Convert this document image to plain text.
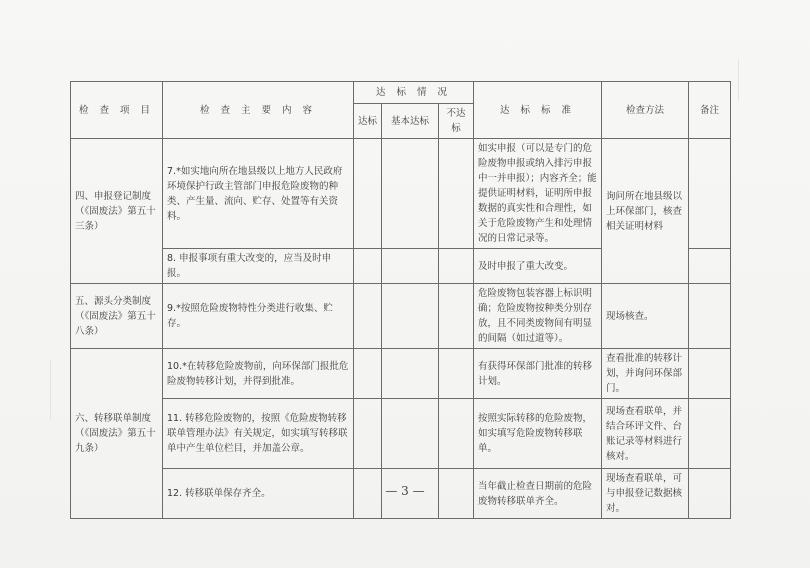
检 查 项 目	检 查 主 要 内 容	达 标 情 况			达 标 标 准	检查方法	备注
		达标	基本达标	不达标			
四、申报登记制度（《固废法》第五十三条）	7.*如实地向所在地县级以上地方人民政府环境保护行政主管部门申报危险废物的种类、产生量、流向、贮存、处置等有关资料。				如实申报（可以是专门的危险废物申报或纳入排污申报中一并申报）；内容齐全；能提供证明材料，证明所申报数据的真实性和合理性，如关于危险废物产生和处理情况的日常记录等。	询问所在地县级以上环保部门，核查相关证明材料	
	8. 申报事项有重大改变的，应当及时申报。				及时申报了重大改变。		
五、源头分类制度（《固废法》第五十八条）	9.*按照危险废物特性分类进行收集、贮存。				危险废物包装容器上标识明确；危险废物按种类分别存放，且不同类废物间有明显的间隔（如过道等）。	现场核查。	
六、转移联单制度（《固废法》第五十九条）	10.*在转移危险废物前，向环保部门报批危险废物转移计划，并得到批准。				有获得环保部门批准的转移计划。	查看批准的转移计划，并询问环保部门。	
	11. 转移危险废物的，按照《危险废物转移联单管理办法》有关规定，如实填写转移联单中产生单位栏目，并加盖公章。				按照实际转移的危险废物，如实填写危险废物转移联单。	现场查看联单，并结合环评文件、台账记录等材料进行核对。	
	12. 转移联单保存齐全。				当年截止检查日期前的危险废物转移联单齐全。	现场查看联单，可与申报登记数据核对。	
— 3 —
